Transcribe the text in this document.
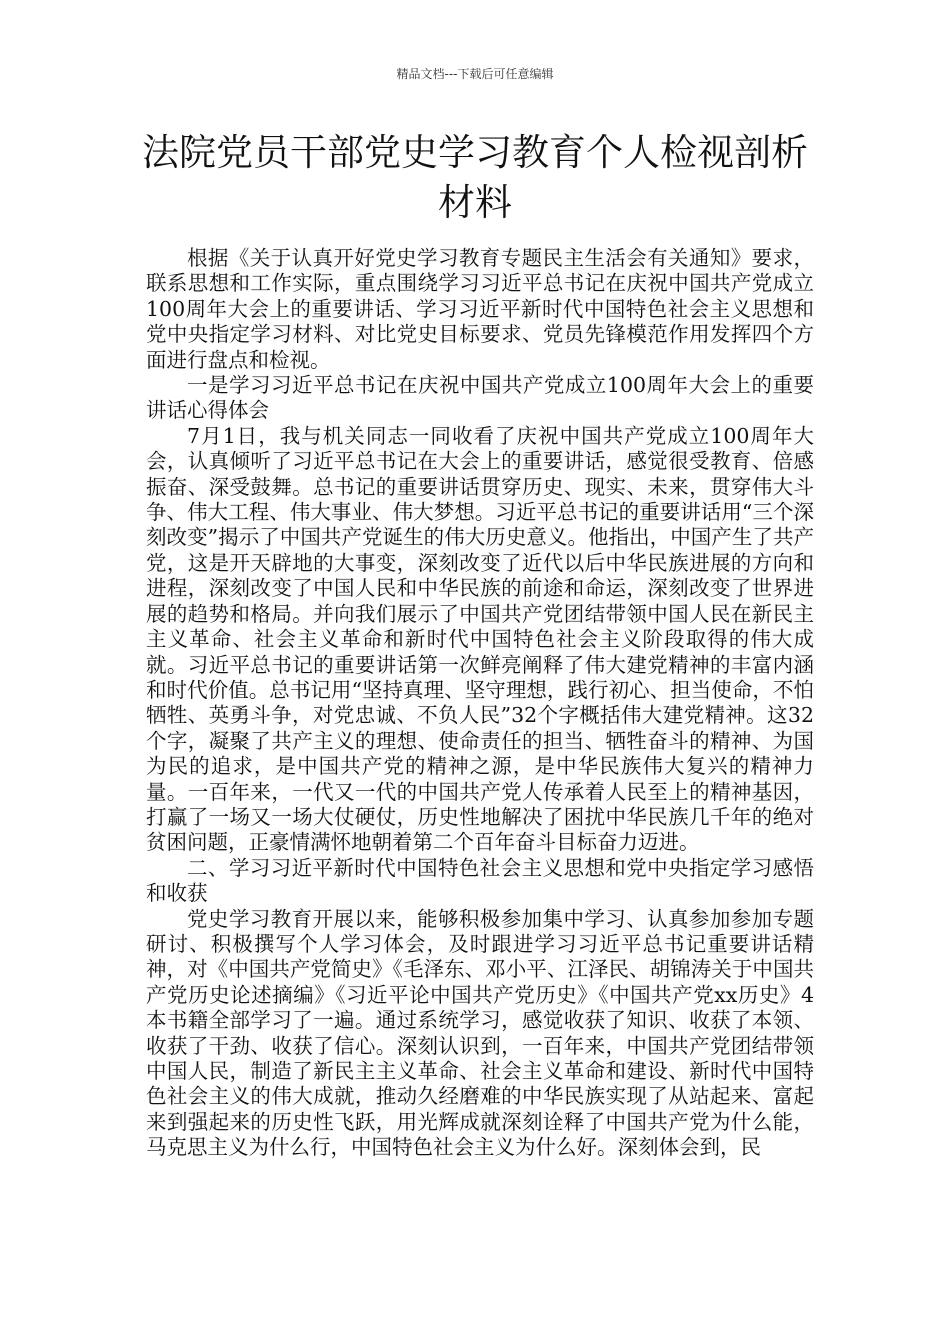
精品文档---下载后可任意编辑
法院党员干部党史学习教育个人检视剖析材料

根据《关于认真开好党史学习教育专题民主生活会有关通知》要求，联系思想和工作实际，重点围绕学习习近平总书记在庆祝中国共产党成立100周年大会上的重要讲话、学习习近平新时代中国特色社会主义思想和党中央指定学习材料、对比党史目标要求、党员先锋模范作用发挥四个方面进行盘点和检视。

一是学习习近平总书记在庆祝中国共产党成立100周年大会上的重要讲话心得体会

7月1日，我与机关同志一同收看了庆祝中国共产党成立100周年大会，认真倾听了习近平总书记在大会上的重要讲话，感觉很受教育、倍感振奋、深受鼓舞。总书记的重要讲话贯穿历史、现实、未来，贯穿伟大斗争、伟大工程、伟大事业、伟大梦想。习近平总书记的重要讲话用“三个深刻改变”揭示了中国共产党诞生的伟大历史意义。他指出，中国产生了共产党，这是开天辟地的大事变，深刻改变了近代以后中华民族进展的方向和进程，深刻改变了中国人民和中华民族的前途和命运，深刻改变了世界进展的趋势和格局。并向我们展示了中国共产党团结带领中国人民在新民主主义革命、社会主义革命和新时代中国特色社会主义阶段取得的伟大成就。习近平总书记的重要讲话第一次鲜亮阐释了伟大建党精神的丰富内涵和时代价值。总书记用“坚持真理、坚守理想，践行初心、担当使命，不怕牺牲、英勇斗争，对党忠诚、不负人民”32个字概括伟大建党精神。这32个字，凝聚了共产主义的理想、使命责任的担当、牺牲奋斗的精神、为国为民的追求，是中国共产党的精神之源，是中华民族伟大复兴的精神力量。一百年来，一代又一代的中国共产党人传承着人民至上的精神基因，打赢了一场又一场大仗硬仗，历史性地解决了困扰中华民族几千年的绝对贫困问题，正豪情满怀地朝着第二个百年奋斗目标奋力迈进。

二、学习习近平新时代中国特色社会主义思想和党中央指定学习感悟和收获

党史学习教育开展以来，能够积极参加集中学习、认真参加参加专题研讨、积极撰写个人学习体会，及时跟进学习习近平总书记重要讲话精神，对《中国共产党简史》《毛泽东、邓小平、江泽民、胡锦涛关于中国共产党历史论述摘编》《习近平论中国共产党历史》《中国共产党xx历史》4本书籍全部学习了一遍。通过系统学习，感觉收获了知识、收获了本领、收获了干劲、收获了信心。深刻认识到，一百年来，中国共产党团结带领中国人民，制造了新民主主义革命、社会主义革命和建设、新时代中国特色社会主义的伟大成就，推动久经磨难的中华民族实现了从站起来、富起来到强起来的历史性飞跃，用光辉成就深刻诠释了中国共产党为什么能，马克思主义为什么行，中国特色社会主义为什么好。深刻体会到，民
